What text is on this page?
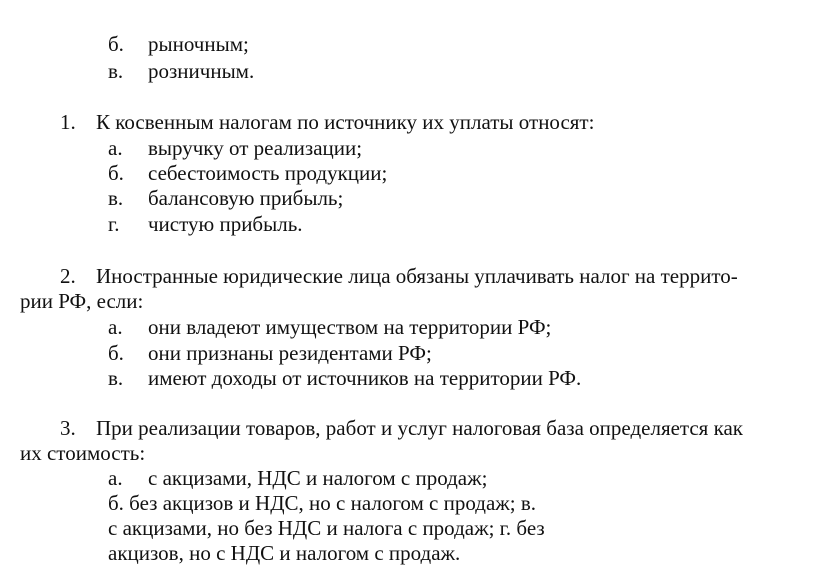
б. рыночным;
в. розничным.
1. К косвенным налогам по источнику их уплаты относят:
а. выручку от реализации;
б. себестоимость продукции;
в. балансовую прибыль;
г. чистую прибыль.
2. Иностранные юридические лица обязаны уплачивать налог на террито-
рии РФ, если:
а. они владеют имуществом на территории РФ;
б. они признаны резидентами РФ;
в. имеют доходы от источников на территории РФ.
3. При реализации товаров, работ и услуг налоговая база определяется как
их стоимость:
а. с акцизами, НДС и налогом с продаж;
б. без акцизов и НДС, но с налогом с продаж; в.
с акцизами, но без НДС и налога с продаж; г. без
акцизов, но с НДС и налогом с продаж.
